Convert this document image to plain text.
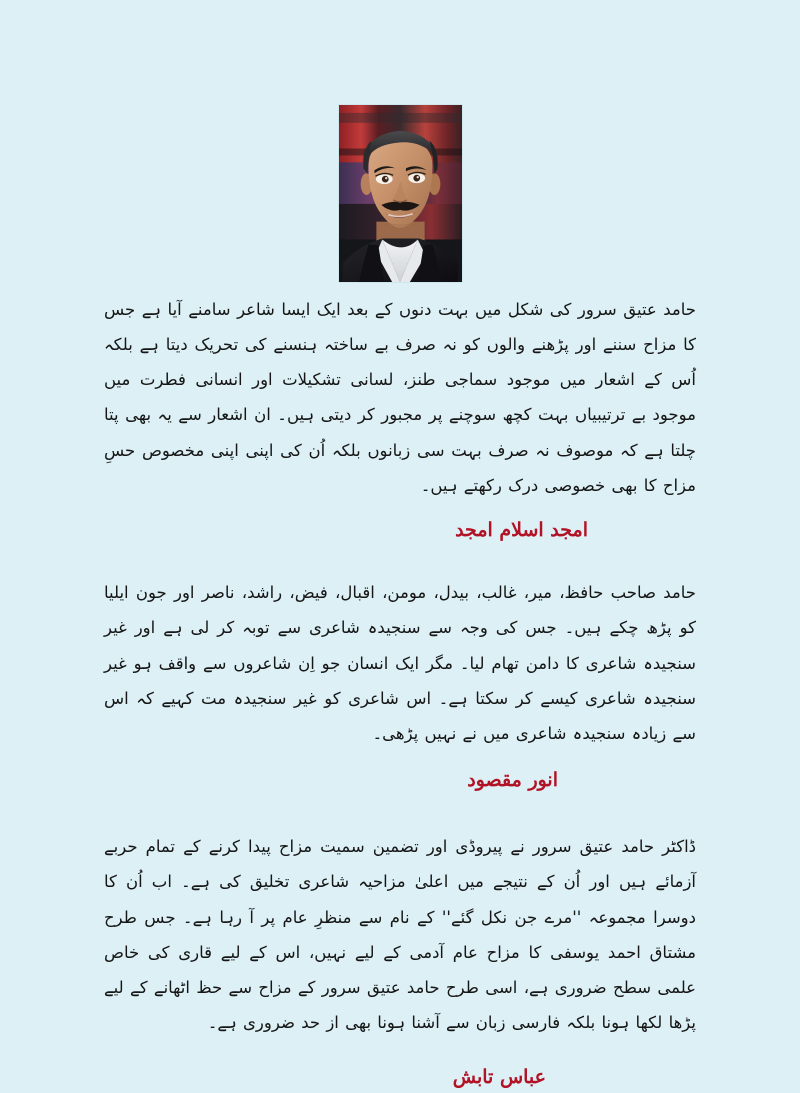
حامد عتیق سرور کی شکل میں بہت دنوں کے بعد ایک ایسا شاعر سامنے آیا ہے جس کا مزاح سننے اور پڑھنے والوں کو نہ صرف بے ساختہ ہنسنے کی تحریک دیتا ہے بلکہ اُس کے اشعار میں موجود سماجی طنز، لسانی تشکیلات اور انسانی فطرت میں موجود بے ترتیبیاں بہت کچھ سوچنے پر مجبور کر دیتی ہیں۔ ان اشعار سے یہ بھی پتا چلتا ہے کہ موصوف نہ صرف بہت سی زبانوں بلکہ اُن کی اپنی اپنی مخصوص حسِ مزاح کا بھی خصوصی درک رکھتے ہیں۔

امجد اسلام امجد

حامد صاحب حافظ، میر، غالب، بیدل، مومن، اقبال، فیض، راشد، ناصر اور جون ایلیا کو پڑھ چکے ہیں۔ جس کی وجہ سے سنجیدہ شاعری سے توبہ کر لی ہے اور غیر سنجیدہ شاعری کا دامن تھام لیا۔ مگر ایک انسان جو اِن شاعروں سے واقف ہو غیر سنجیدہ شاعری کیسے کر سکتا ہے۔ اس شاعری کو غیر سنجیدہ مت کہیے کہ اس سے زیادہ سنجیدہ شاعری میں نے نہیں پڑھی۔

انور مقصود

ڈاکٹر حامد عتیق سرور نے پیروڈی اور تضمین سمیت مزاح پیدا کرنے کے تمام حربے آزمائے ہیں اور اُن کے نتیجے میں اعلیٰ مزاحیہ شاعری تخلیق کی ہے۔ اب اُن کا دوسرا مجموعہ ''مرے جن نکل گئے'' کے نام سے منظرِ عام پر آ رہا ہے۔ جس طرح مشتاق احمد یوسفی کا مزاح عام آدمی کے لیے نہیں، اس کے لیے قاری کی خاص علمی سطح ضروری ہے، اسی طرح حامد عتیق سرور کے مزاح سے حظ اٹھانے کے لیے پڑھا لکھا ہونا بلکہ فارسی زبان سے آشنا ہونا بھی از حد ضروری ہے۔

عباس تابش
